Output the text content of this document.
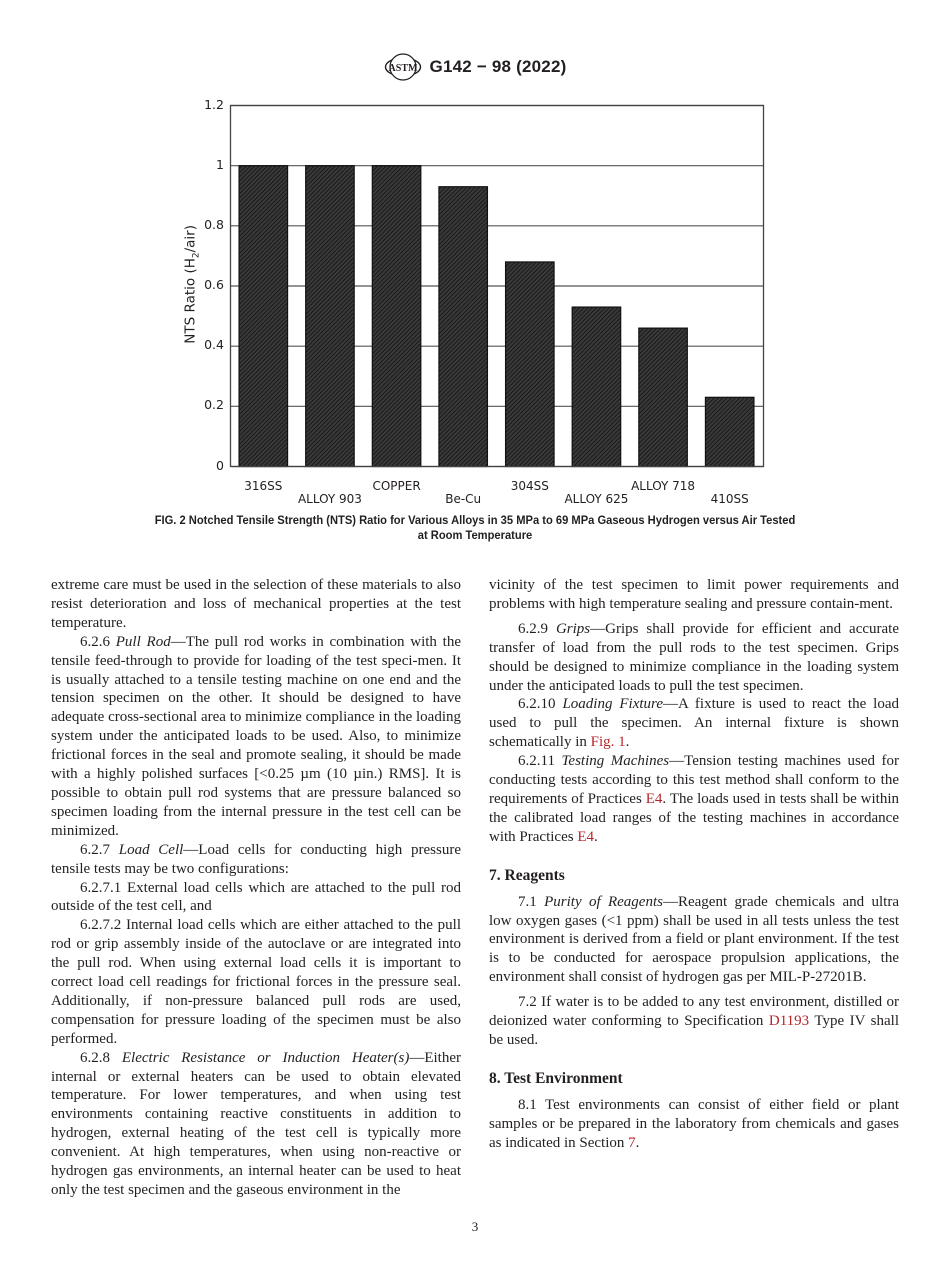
ASTM G142 − 98 (2022)
NTS Ratio $(H_2/air)$
0
0.2
0.4
0.6
0.8
1
1.2
316SS
ALLOY 903
COPPER
Be-Cu
304SS
ALLOY 625
ALLOY 718
410SS
FIG. 2 Notched Tensile Strength (NTS) Ratio for Various Alloys in 35 MPa to 69 MPa Gaseous Hydrogen versus Air Tested
at Room Temperature

extreme care must be used in the selection of these materials to also resist deterioration and loss of mechanical properties at the test temperature.

6.2.6 Pull Rod—The pull rod works in combination with the tensile feed-through to provide for loading of the test speci-men. It is usually attached to a tensile testing machine on one end and the tension specimen on the other. It should be designed to have adequate cross-sectional area to minimize compliance in the loading system under the anticipated loads to be used. Also, to minimize frictional forces in the seal and promote sealing, it should be made with a highly polished surfaces [<0.25 µm (10 µin.) RMS]. It is possible to obtain pull rod systems that are pressure balanced so specimen loading from the internal pressure in the test cell can be minimized.

6.2.7 Load Cell—Load cells for conducting high pressure tensile tests may be two configurations:

6.2.7.1 External load cells which are attached to the pull rod outside of the test cell, and

6.2.7.2 Internal load cells which are either attached to the pull rod or grip assembly inside of the autoclave or are integrated into the pull rod. When using external load cells it is important to correct load cell readings for frictional forces in the pressure seal. Additionally, if non-pressure balanced pull rods are used, compensation for pressure loading of the specimen must be also performed.

6.2.8 Electric Resistance or Induction Heater(s)—Either internal or external heaters can be used to obtain elevated temperature. For lower temperatures, and when using test environments containing reactive constituents in addition to hydrogen, external heating of the test cell is typically more convenient. At high temperatures, when using non-reactive or hydrogen gas environments, an internal heater can be used to heat only the test specimen and the gaseous environment in the

vicinity of the test specimen to limit power requirements and problems with high temperature sealing and pressure contain-ment.

6.2.9 Grips—Grips shall provide for efficient and accurate transfer of load from the pull rods to the test specimen. Grips should be designed to minimize compliance in the loading system under the anticipated loads to pull the test specimen.

6.2.10 Loading Fixture—A fixture is used to react the load used to pull the specimen. An internal fixture is shown schematically in Fig. 1.

6.2.11 Testing Machines—Tension testing machines used for conducting tests according to this test method shall conform to the requirements of Practices E4. The loads used in tests shall be within the calibrated load ranges of the testing machines in accordance with Practices E4.

7. Reagents

7.1 Purity of Reagents—Reagent grade chemicals and ultra low oxygen gases (<1 ppm) shall be used in all tests unless the test environment is derived from a field or plant environment. If the test is to be conducted for aerospace propulsion applications, the environment shall consist of hydrogen gas per MIL-P-27201B.

7.2 If water is to be added to any test environment, distilled or deionized water conforming to Specification D1193 Type IV shall be used.

8. Test Environment

8.1 Test environments can consist of either field or plant samples or be prepared in the laboratory from chemicals and gases as indicated in Section 7.

3
